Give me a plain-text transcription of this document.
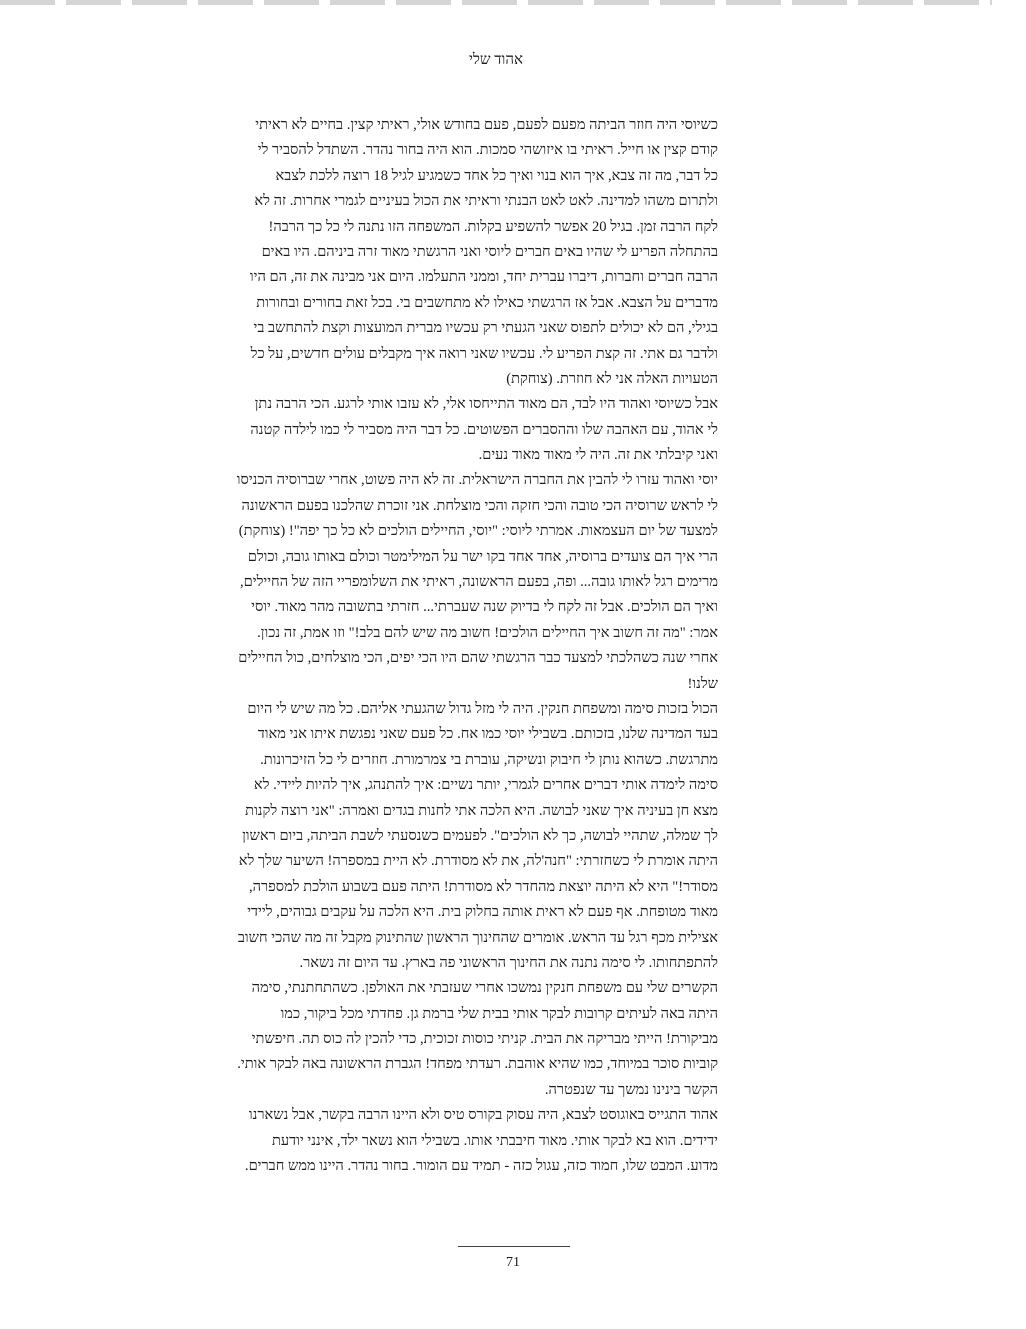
אהוד שלי
כשיוסי היה חוזר הביתה מפעם לפעם, פעם בחודש אולי, ראיתי קצין. בחיים לא ראיתי
קודם קצין או חייל. ראיתי בו איזושהי סמכות. הוא היה בחור נהדר. השתדל להסביר לי
כל דבר, מה זה צבא, איך הוא בנוי ואיך כל אחד כשמגיע לגיל 18 רוצה ללכת לצבא
ולתרום משהו למדינה. לאט לאט הבנתי וראיתי את הכול בעיניים לגמרי אחרות. זה לא
לקח הרבה זמן. בגיל 20 אפשר להשפיע בקלות. המשפחה הזו נתנה לי כל כך הרבה!
בהתחלה הפריע לי שהיו באים חברים ליוסי ואני הרגשתי מאוד זרה ביניהם. היו באים
הרבה חברים וחברות, דיברו עברית יחד, וממני התעלמו. היום אני מבינה את זה, הם היו
מדברים על הצבא. אבל אז הרגשתי כאילו לא מתחשבים בי. בכל זאת בחורים ובחורות
בגילי, הם לא יכולים לתפוס שאני הגעתי רק עכשיו מברית המועצות וקצת להתחשב בי
ולדבר גם אתי. זה קצת הפריע לי. עכשיו שאני רואה איך מקבלים עולים חדשים, על כל
הטעויות האלה אני לא חוזרת. (צוחקת)
אבל כשיוסי ואהוד היו לבד, הם מאוד התייחסו אלי, לא עזבו אותי לרגע. הכי הרבה נתן
לי אהוד, עם האהבה שלו וההסברים הפשוטים. כל דבר היה מסביר לי כמו לילדה קטנה
ואני קיבלתי את זה. היה לי מאוד מאוד נעים.
יוסי ואהוד עזרו לי להבין את החברה הישראלית. זה לא היה פשוט, אחרי שברוסיה הכניסו
לי לראש שרוסיה הכי טובה והכי חזקה והכי מוצלחת. אני זוכרת שהלכנו בפעם הראשונה
למצעד של יום העצמאות. אמרתי ליוסי: "יוסי, החיילים הולכים לא כל כך יפה"! (צוחקת)
הרי איך הם צועדים ברוסיה, אחד אחד בקו ישר על המילימטר וכולם באותו גובה, וכולם
מרימים רגל לאותו גובה... ופה, בפעם הראשונה, ראיתי את השלומפריי הזה של החיילים,
ואיך הם הולכים. אבל זה לקח לי בדיוק שנה שעברתי... חזרתי בתשובה מהר מאוד. יוסי
אמר: "מה זה חשוב איך החיילים הולכים! חשוב מה שיש להם בלב!" וזו אמת, זה נכון.
אחרי שנה כשהלכתי למצעד כבר הרגשתי שהם היו הכי יפים, הכי מוצלחים, כול החיילים
שלנו!
הכול בזכות סימה ומשפחת חנקין. היה לי מזל גדול שהגעתי אליהם. כל מה שיש לי היום
בעד המדינה שלנו, בזכותם. בשבילי יוסי כמו אח. כל פעם שאני נפגשת איתו אני מאוד
מתרגשת. כשהוא נותן לי חיבוק ונשיקה, עוברת בי צמרמורת. חוזרים לי כל הזיכרונות.
סימה לימדה אותי דברים אחרים לגמרי, יותר נשיים: איך להתנהג, איך להיות ליידי. לא
מצא חן בעיניה איך שאני לבושה. היא הלכה אתי לחנות בגדים ואמרה: "אני רוצה לקנות
לך שמלה, שתהיי לבושה, כך לא הולכים". לפעמים כשנסעתי לשבת הביתה, ביום ראשון
היתה אומרת לי כשחזרתי: "חנה'לה, את לא מסודרת. לא היית במספרה! השיער שלך לא
מסודר!" היא לא היתה יוצאת מהחדר לא מסודרת! היתה פעם בשבוע הולכת למספרה,
מאוד מטופחת. אף פעם לא ראית אותה בחלוק בית. היא הלכה על עקבים גבוהים, ליידי
אצילית מכף רגל עד הראש. אומרים שהחינוך הראשון שהתינוק מקבל זה מה שהכי חשוב
להתפתחותו. לי סימה נתנה את החינוך הראשוני פה בארץ. עד היום זה נשאר.
הקשרים שלי עם משפחת חנקין נמשכו אחרי שעזבתי את האולפן. כשהתחתנתי, סימה
היתה באה לעיתים קרובות לבקר אותי בבית שלי ברמת גן. פחדתי מכל ביקור, כמו
מביקורת! הייתי מבריקה את הבית. קניתי כוסות זכוכית, כדי להכין לה כוס תה. חיפשתי
קוביות סוכר במיוחד, כמו שהיא אוהבת. רעדתי מפחד! הגברת הראשונה באה לבקר אותי.
הקשר בינינו נמשך עד שנפטרה.
אהוד התגייס באוגוסט לצבא, היה עסוק בקורס טיס ולא היינו הרבה בקשר, אבל נשארנו
ידידים. הוא בא לבקר אותי. מאוד חיבבתי אותו. בשבילי הוא נשאר ילד, אינני יודעת
מדוע. המבט שלו, חמוד כזה, עגול כזה - תמיד עם הומור. בחור נהדר. היינו ממש חברים.
71
